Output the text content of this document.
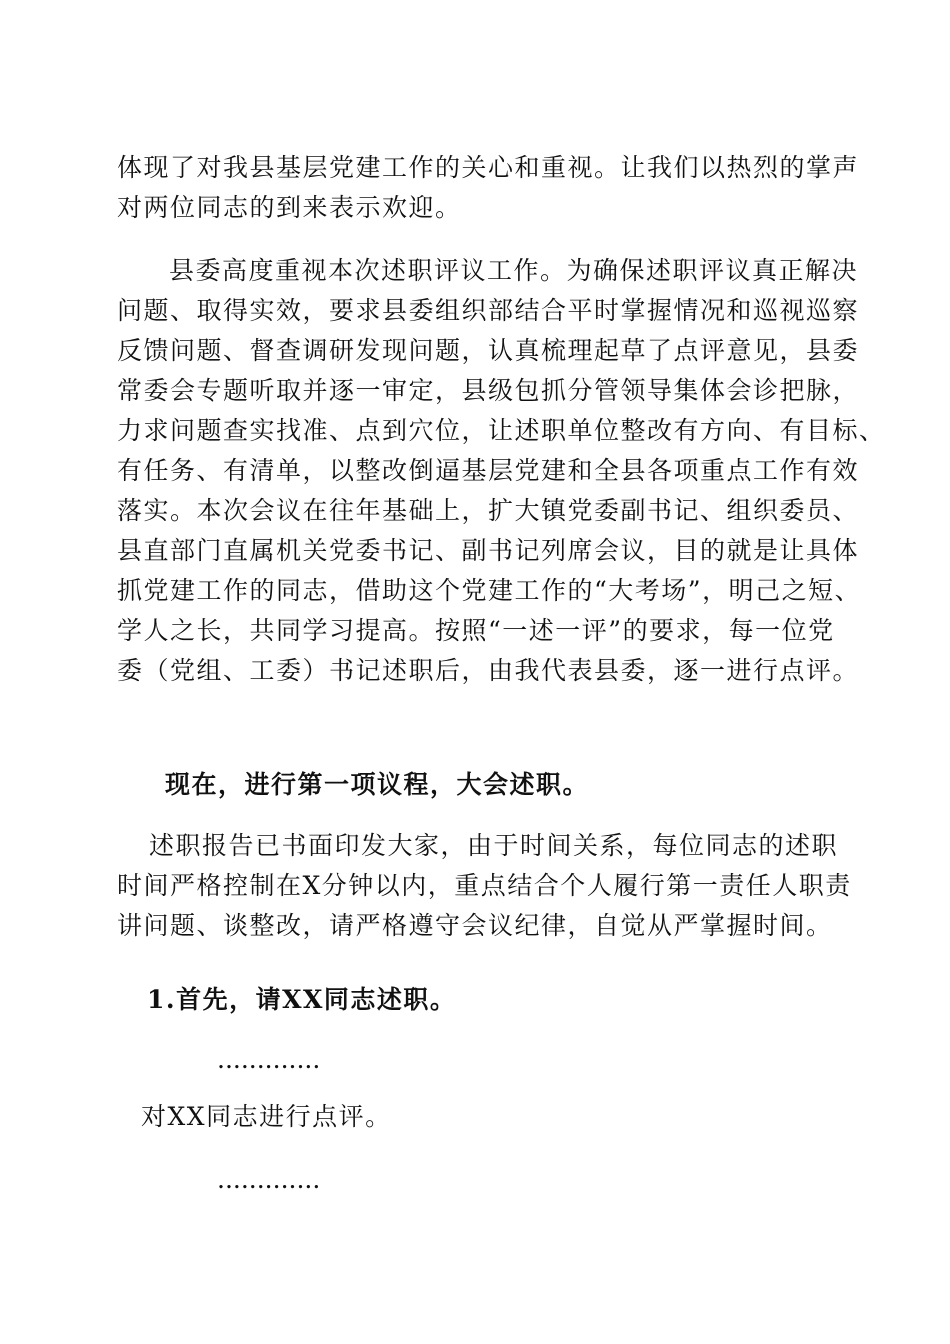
体现了对我县基层党建工作的关心和重视。让我们以热烈的掌声
对两位同志的到来表示欢迎。
县委高度重视本次述职评议工作。为确保述职评议真正解决
问题、取得实效，要求县委组织部结合平时掌握情况和巡视巡察
反馈问题、督查调研发现问题，认真梳理起草了点评意见，县委
常委会专题听取并逐一审定，县级包抓分管领导集体会诊把脉，
力求问题查实找准、点到穴位，让述职单位整改有方向、有目标、
有任务、有清单，以整改倒逼基层党建和全县各项重点工作有效
落实。本次会议在往年基础上，扩大镇党委副书记、组织委员、
县直部门直属机关党委书记、副书记列席会议，目的就是让具体
抓党建工作的同志，借助这个党建工作的“大考场”，明己之短、
学人之长，共同学习提高。按照“一述一评”的要求，每一位党
委（党组、工委）书记述职后，由我代表县委，逐一进行点评。
现在，进行第一项议程，大会述职。
述职报告已书面印发大家，由于时间关系，每位同志的述职
时间严格控制在X分钟以内，重点结合个人履行第一责任人职责
讲问题、谈整改，请严格遵守会议纪律，自觉从严掌握时间。
1.首先，请XX同志述职。
.............
对XX同志进行点评。
.............
